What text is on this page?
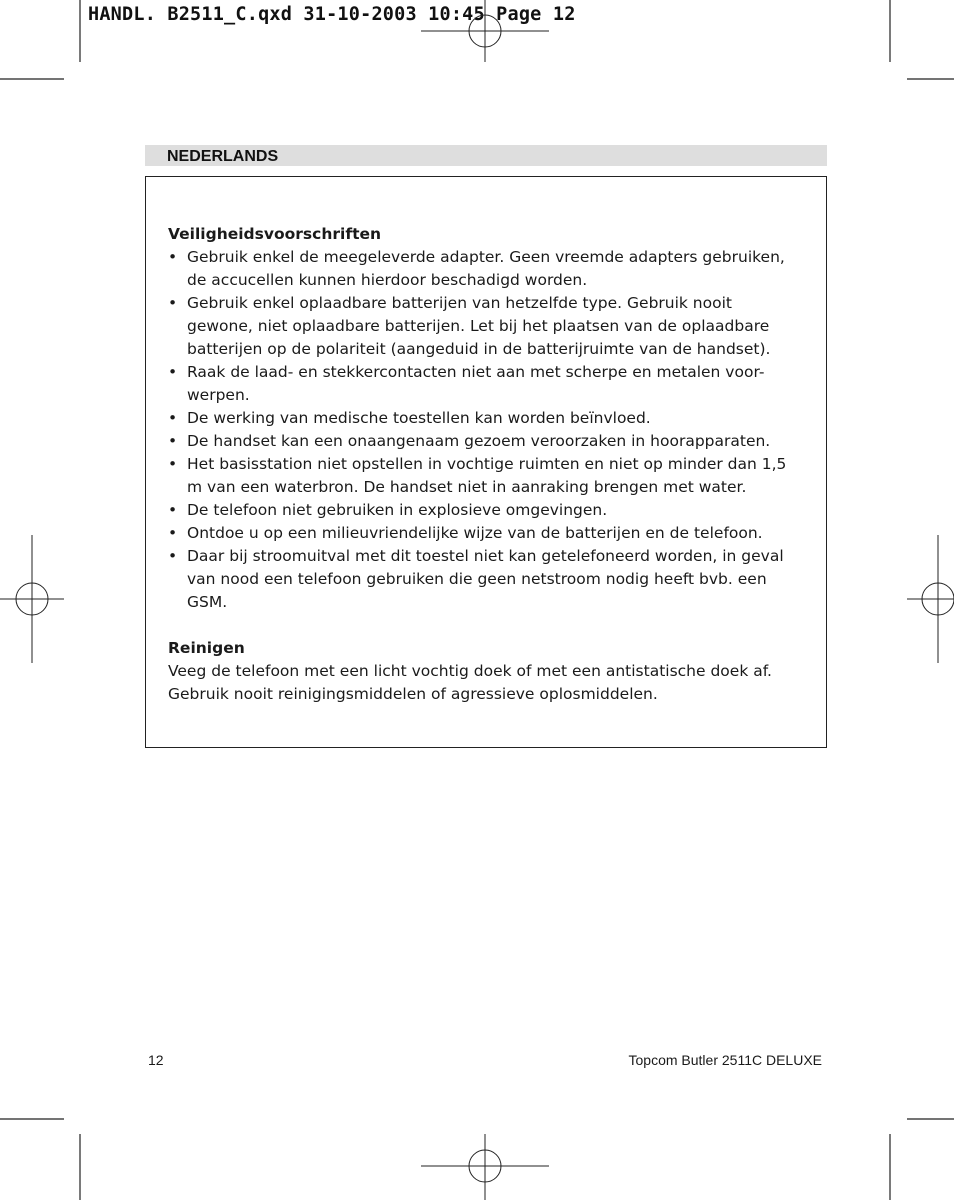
HANDL. B2511_C.qxd 31-10-2003 10:45 Page 12
NEDERLANDS
Veiligheidsvoorschriften
• Gebruik enkel de meegeleverde adapter. Geen vreemde adapters gebruiken, de accucellen kunnen hierdoor beschadigd worden.
• Gebruik enkel oplaadbare batterijen van hetzelfde type. Gebruik nooit gewone, niet oplaadbare batterijen. Let bij het plaatsen van de oplaadbare batterijen op de polariteit (aangeduid in de batterijruimte van de handset).
• Raak de laad- en stekkercontacten niet aan met scherpe en metalen voor-werpen.
• De werking van medische toestellen kan worden beïnvloed.
• De handset kan een onaangenaam gezoem veroorzaken in hoorapparaten.
• Het basisstation niet opstellen in vochtige ruimten en niet op minder dan 1,5 m van een waterbron. De handset niet in aanraking brengen met water.
• De telefoon niet gebruiken in explosieve omgevingen.
• Ontdoe u op een milieuvriendelijke wijze van de batterijen en de telefoon.
• Daar bij stroomuitval met dit toestel niet kan getelefoneerd worden, in geval van nood een telefoon gebruiken die geen netstroom nodig heeft bvb. een GSM.
Reinigen
Veeg de telefoon met een licht vochtig doek of met een antistatische doek af. Gebruik nooit reinigingsmiddelen of agressieve oplosmiddelen.
12	Topcom Butler 2511C DELUXE
